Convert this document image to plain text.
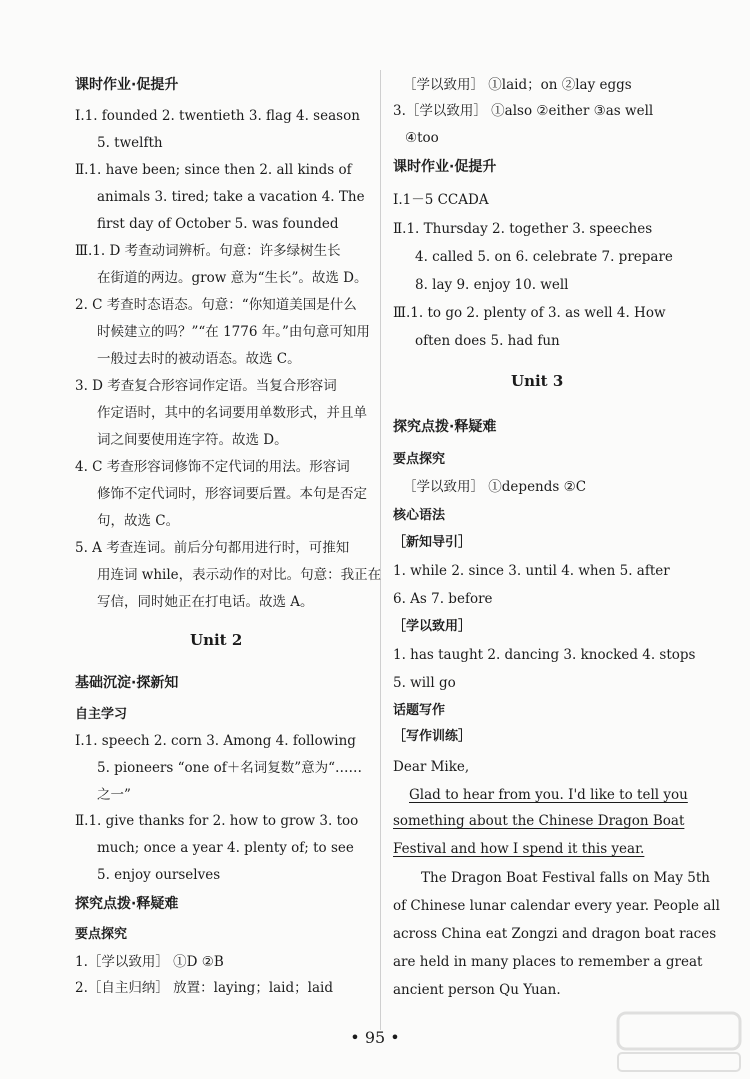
课时作业·促提升
Ⅰ.1. founded 2. twentieth 3. flag 4. season
5. twelfth
Ⅱ.1. have been; since then 2. all kinds of
animals 3. tired; take a vacation 4. The
first day of October 5. was founded
Ⅲ.1. D 考查动词辨析。句意：许多绿树生长
在街道的两边。grow 意为“生长”。故选 D。
2. C 考查时态语态。句意：“你知道美国是什么
时候建立的吗？”“在 1776 年。”由句意可知用
一般过去时的被动语态。故选 C。
3. D 考查复合形容词作定语。当复合形容词
作定语时，其中的名词要用单数形式，并且单
词之间要使用连字符。故选 D。
4. C 考查形容词修饰不定代词的用法。形容词
修饰不定代词时，形容词要后置。本句是否定
句，故选 C。
5. A 考查连词。前后分句都用进行时，可推知
用连词 while，表示动作的对比。句意：我正在
写信，同时她正在打电话。故选 A。
Unit 2
基础沉淀·探新知
自主学习
Ⅰ.1. speech 2. corn 3. Among 4. following
5. pioneers “one of＋名词复数”意为“……
之一”
Ⅱ.1. give thanks for 2. how to grow 3. too
much; once a year 4. plenty of; to see
5. enjoy ourselves
探究点拨·释疑难
要点探究
1.［学以致用］ ①D ②B
2.［自主归纳］ 放置：laying；laid；laid
［学以致用］ ①laid；on ②lay eggs
3.［学以致用］ ①also ②either ③as well
④too
课时作业·促提升
Ⅰ.1－5 CCADA
Ⅱ.1. Thursday 2. together 3. speeches
4. called 5. on 6. celebrate 7. prepare
8. lay 9. enjoy 10. well
Ⅲ.1. to go 2. plenty of 3. as well 4. How
often does 5. had fun
Unit 3
探究点拨·释疑难
要点探究
［学以致用］ ①depends ②C
核心语法
［新知导引］
1. while 2. since 3. until 4. when 5. after
6. As 7. before
［学以致用］
1. has taught 2. dancing 3. knocked 4. stops
5. will go
话题写作
［写作训练］
Dear Mike,
Glad to hear from you. I'd like to tell you
something about the Chinese Dragon Boat
Festival and how I spend it this year.
The Dragon Boat Festival falls on May 5th
of Chinese lunar calendar every year. People all
across China eat Zongzi and dragon boat races
are held in many places to remember a great
ancient person Qu Yuan.
• 95 •
